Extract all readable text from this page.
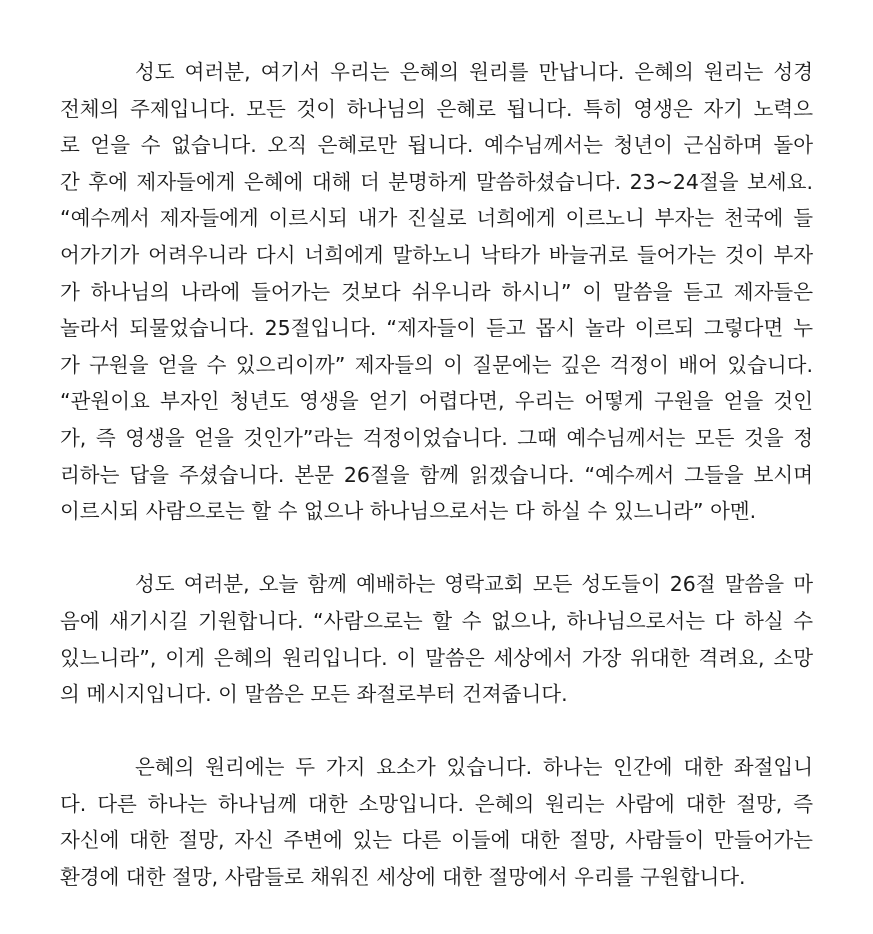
성도 여러분, 여기서 우리는 은혜의 원리를 만납니다. 은혜의 원리는 성경
전체의 주제입니다. 모든 것이 하나님의 은혜로 됩니다. 특히 영생은 자기 노력으
로 얻을 수 없습니다. 오직 은혜로만 됩니다. 예수님께서는 청년이 근심하며 돌아
간 후에 제자들에게 은혜에 대해 더 분명하게 말씀하셨습니다. 23~24절을 보세요.
“예수께서 제자들에게 이르시되 내가 진실로 너희에게 이르노니 부자는 천국에 들
어가기가 어려우니라 다시 너희에게 말하노니 낙타가 바늘귀로 들어가는 것이 부자
가 하나님의 나라에 들어가는 것보다 쉬우니라 하시니” 이 말씀을 듣고 제자들은
놀라서 되물었습니다. 25절입니다. “제자들이 듣고 몹시 놀라 이르되 그렇다면 누
가 구원을 얻을 수 있으리이까” 제자들의 이 질문에는 깊은 걱정이 배어 있습니다.
“관원이요 부자인 청년도 영생을 얻기 어렵다면, 우리는 어떻게 구원을 얻을 것인
가, 즉 영생을 얻을 것인가”라는 걱정이었습니다. 그때 예수님께서는 모든 것을 정
리하는 답을 주셨습니다. 본문 26절을 함께 읽겠습니다. “예수께서 그들을 보시며
이르시되 사람으로는 할 수 없으나 하나님으로서는 다 하실 수 있느니라” 아멘.
성도 여러분, 오늘 함께 예배하는 영락교회 모든 성도들이 26절 말씀을 마
음에 새기시길 기원합니다. “사람으로는 할 수 없으나, 하나님으로서는 다 하실 수
있느니라”, 이게 은혜의 원리입니다. 이 말씀은 세상에서 가장 위대한 격려요, 소망
의 메시지입니다. 이 말씀은 모든 좌절로부터 건져줍니다.
은혜의 원리에는 두 가지 요소가 있습니다. 하나는 인간에 대한 좌절입니
다. 다른 하나는 하나님께 대한 소망입니다. 은혜의 원리는 사람에 대한 절망, 즉
자신에 대한 절망, 자신 주변에 있는 다른 이들에 대한 절망, 사람들이 만들어가는
환경에 대한 절망, 사람들로 채워진 세상에 대한 절망에서 우리를 구원합니다.
